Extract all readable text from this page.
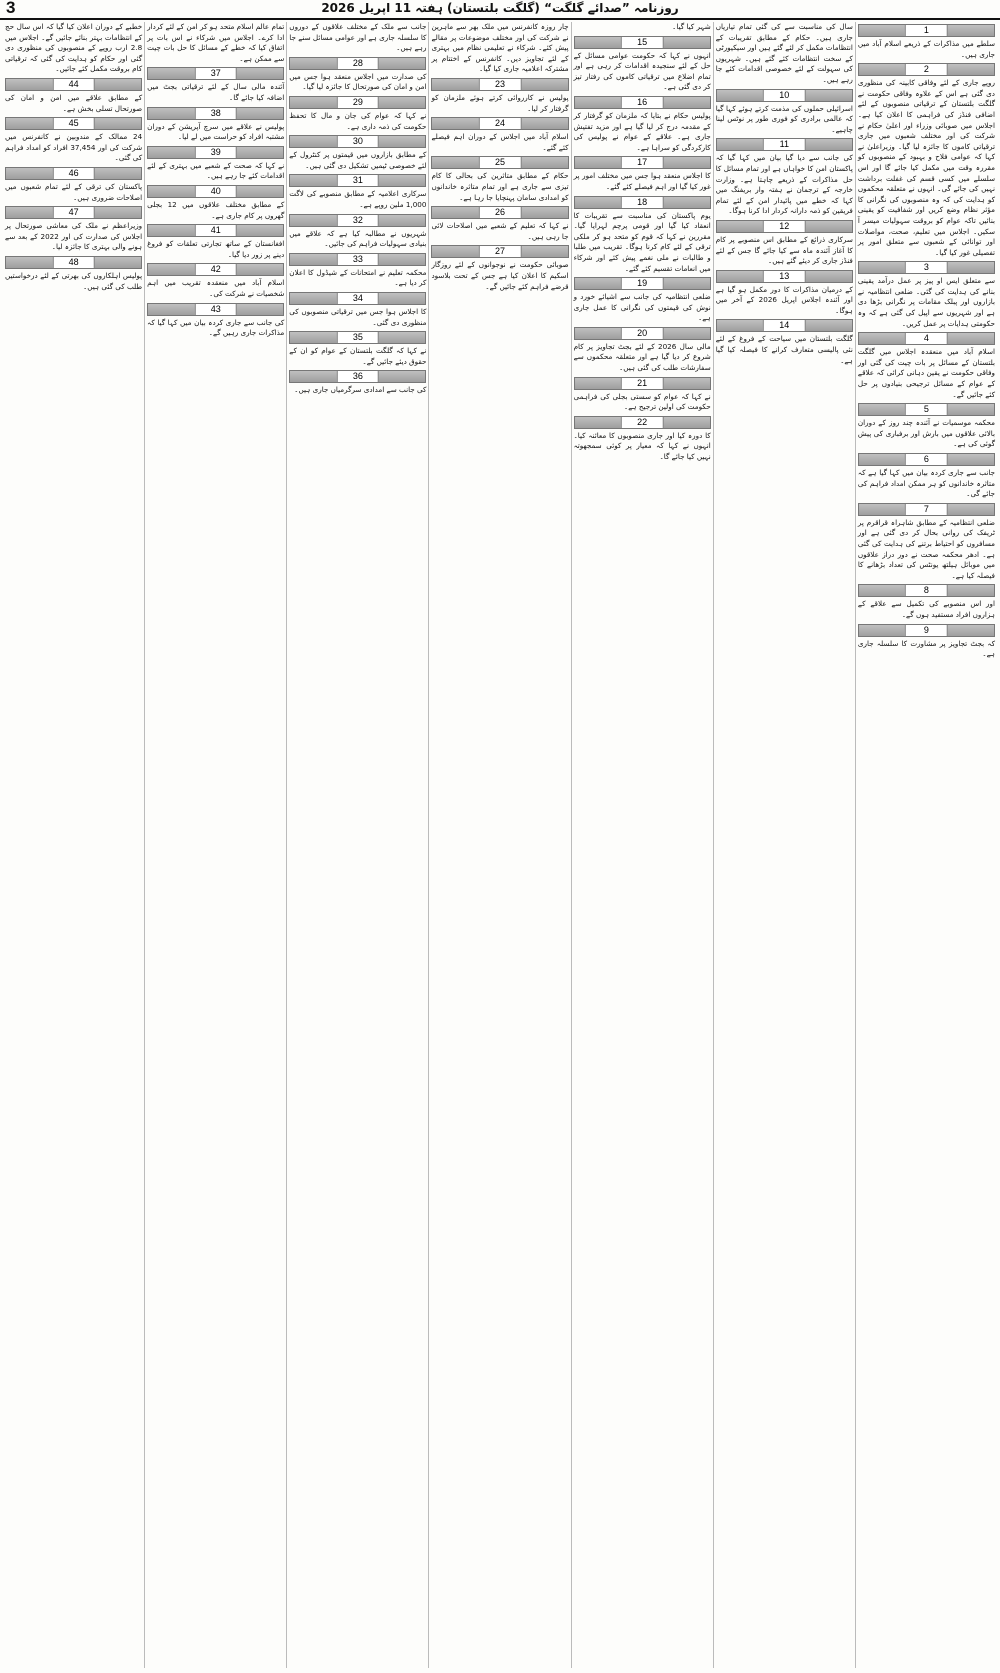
3	روزنامہ ”صدائے گلگت“ (گلگت بلتستان) ہفتہ 11 اپریل 2026
1

سلطے میں مذاکرات کے ذریعے اسلام آباد میں جاری ہیں۔

2

روپے جاری کے لئے وفاقی کابینہ کی منظوری دی گئی ہے اس کے علاوہ وفاقی حکومت نے گلگت بلتستان کے ترقیاتی منصوبوں کے لئے اضافی فنڈز کی فراہمی کا اعلان کیا ہے۔ اجلاس میں صوبائی وزراء اور اعلیٰ حکام نے شرکت کی اور مختلف شعبوں میں جاری ترقیاتی کاموں کا جائزہ لیا گیا۔ وزیراعلیٰ نے کہا کہ عوامی فلاح و بہبود کے منصوبوں کو مقررہ وقت میں مکمل کیا جائے گا اور اس سلسلے میں کسی قسم کی غفلت برداشت نہیں کی جائے گی۔ انہوں نے متعلقہ محکموں کو ہدایت کی کہ وہ منصوبوں کی نگرانی کا مؤثر نظام وضع کریں اور شفافیت کو یقینی بنائیں تاکہ عوام کو بروقت سہولیات میسر آ سکیں۔ اجلاس میں تعلیم، صحت، مواصلات اور توانائی کے شعبوں سے متعلق امور پر تفصیلی غور کیا گیا۔

3

سے متعلق ایس او پیز پر عمل درآمد یقینی بنانے کی ہدایت کی گئی۔ ضلعی انتظامیہ نے بازاروں اور پبلک مقامات پر نگرانی بڑھا دی ہے اور شہریوں سے اپیل کی گئی ہے کہ وہ حکومتی ہدایات پر عمل کریں۔

4

اسلام آباد میں منعقدہ اجلاس میں گلگت بلتستان کے مسائل پر بات چیت کی گئی اور وفاقی حکومت نے یقین دہانی کرائی کہ علاقے کے عوام کے مسائل ترجیحی بنیادوں پر حل کئے جائیں گے۔

5

محکمہ موسمیات نے آئندہ چند روز کے دوران بالائی علاقوں میں بارش اور برفباری کی پیش گوئی کی ہے۔

6

جانب سے جاری کردہ بیان میں کہا گیا ہے کہ متاثرہ خاندانوں کو ہر ممکن امداد فراہم کی جائے گی۔

7

ضلعی انتظامیہ کے مطابق شاہراہ قراقرم پر ٹریفک کی روانی بحال کر دی گئی ہے اور مسافروں کو احتیاط برتنے کی ہدایت کی گئی ہے۔ ادھر محکمہ صحت نے دور دراز علاقوں میں موبائل ہیلتھ یونٹس کی تعداد بڑھانے کا فیصلہ کیا ہے۔

8

اور اس منصوبے کی تکمیل سے علاقے کے ہزاروں افراد مستفید ہوں گے۔

9

کہ بجٹ تجاویز پر مشاورت کا سلسلہ جاری ہے۔

سال کی مناسبت سے کی گئی تمام تیاریاں جاری ہیں۔ حکام کے مطابق تقریبات کے انتظامات مکمل کر لئے گئے ہیں اور سیکیورٹی کے سخت انتظامات کئے گئے ہیں۔ شہریوں کی سہولت کے لئے خصوصی اقدامات کئے جا رہے ہیں۔

10

اسرائیلی حملوں کی مذمت کرتے ہوئے کہا گیا کہ عالمی برادری کو فوری طور پر نوٹس لینا چاہیے۔

11

کی جانب سے دیا گیا بیان میں کہا گیا کہ پاکستان امن کا خواہاں ہے اور تمام مسائل کا حل مذاکرات کے ذریعے چاہتا ہے۔ وزارت خارجہ کے ترجمان نے ہفتہ وار بریفنگ میں کہا کہ خطے میں پائیدار امن کے لئے تمام فریقین کو ذمہ دارانہ کردار ادا کرنا ہوگا۔

12

سرکاری ذرائع کے مطابق اس منصوبے پر کام کا آغاز آئندہ ماہ سے کیا جائے گا جس کے لئے فنڈز جاری کر دیئے گئے ہیں۔

13

کے درمیان مذاکرات کا دور مکمل ہو گیا ہے اور آئندہ اجلاس اپریل 2026 کے آخر میں ہوگا۔

14

گلگت بلتستان میں سیاحت کے فروغ کے لئے نئی پالیسی متعارف کرانے کا فیصلہ کیا گیا ہے۔

شہر کیا گیا۔

15

انہوں نے کہا کہ حکومت عوامی مسائل کے حل کے لئے سنجیدہ اقدامات کر رہی ہے اور تمام اضلاع میں ترقیاتی کاموں کی رفتار تیز کر دی گئی ہے۔

16

پولیس حکام نے بتایا کہ ملزمان کو گرفتار کر کے مقدمہ درج کر لیا گیا ہے اور مزید تفتیش جاری ہے۔ علاقے کے عوام نے پولیس کی کارکردگی کو سراہا ہے۔

17

کا اجلاس منعقد ہوا جس میں مختلف امور پر غور کیا گیا اور اہم فیصلے کئے گئے۔

18

یوم پاکستان کی مناسبت سے تقریبات کا انعقاد کیا گیا اور قومی پرچم لہرایا گیا۔ مقررین نے کہا کہ قوم کو متحد ہو کر ملکی ترقی کے لئے کام کرنا ہوگا۔ تقریب میں طلبا و طالبات نے ملی نغمے پیش کئے اور شرکاء میں انعامات تقسیم کئے گئے۔

19

ضلعی انتظامیہ کی جانب سے اشیائے خورد و نوش کی قیمتوں کی نگرانی کا عمل جاری ہے۔

20

مالی سال 2026 کے لئے بجٹ تجاویز پر کام شروع کر دیا گیا ہے اور متعلقہ محکموں سے سفارشات طلب کی گئی ہیں۔

21

نے کہا کہ عوام کو سستی بجلی کی فراہمی حکومت کی اولین ترجیح ہے۔

22

کا دورہ کیا اور جاری منصوبوں کا معائنہ کیا۔ انہوں نے کہا کہ معیار پر کوئی سمجھوتہ نہیں کیا جائے گا۔

چار روزہ کانفرنس میں ملک بھر سے ماہرین نے شرکت کی اور مختلف موضوعات پر مقالے پیش کئے۔ شرکاء نے تعلیمی نظام میں بہتری کے لئے تجاویز دیں۔ کانفرنس کے اختتام پر مشترکہ اعلامیہ جاری کیا گیا۔

23

پولیس نے کارروائی کرتے ہوئے ملزمان کو گرفتار کر لیا۔

24

اسلام آباد میں اجلاس کے دوران اہم فیصلے کئے گئے۔

25

حکام کے مطابق متاثرین کی بحالی کا کام تیزی سے جاری ہے اور تمام متاثرہ خاندانوں کو امدادی سامان پہنچایا جا رہا ہے۔

26

نے کہا کہ تعلیم کے شعبے میں اصلاحات لائی جا رہی ہیں۔

27

صوبائی حکومت نے نوجوانوں کے لئے روزگار اسکیم کا اعلان کیا ہے جس کے تحت بلاسود قرضے فراہم کئے جائیں گے۔

جانب سے ملک کے مختلف علاقوں کے دوروں کا سلسلہ جاری ہے اور عوامی مسائل سنے جا رہے ہیں۔

28

کی صدارت میں اجلاس منعقد ہوا جس میں امن و امان کی صورتحال کا جائزہ لیا گیا۔

29

نے کہا کہ عوام کی جان و مال کا تحفظ حکومت کی ذمہ داری ہے۔

30

کے مطابق بازاروں میں قیمتوں پر کنٹرول کے لئے خصوصی ٹیمیں تشکیل دی گئی ہیں۔

31

سرکاری اعلامیہ کے مطابق منصوبے کی لاگت 1,000 ملین روپے ہے۔

32

شہریوں نے مطالبہ کیا ہے کہ علاقے میں بنیادی سہولیات فراہم کی جائیں۔

33

محکمہ تعلیم نے امتحانات کے شیڈول کا اعلان کر دیا ہے۔

34

کا اجلاس ہوا جس میں ترقیاتی منصوبوں کی منظوری دی گئی۔

35

نے کہا کہ گلگت بلتستان کے عوام کو ان کے حقوق دیئے جائیں گے۔

36

کی جانب سے امدادی سرگرمیاں جاری ہیں۔

تمام عالم اسلام متحد ہو کر امن کے لئے کردار ادا کرے۔ اجلاس میں شرکاء نے اس بات پر اتفاق کیا کہ خطے کے مسائل کا حل بات چیت سے ممکن ہے۔

37

آئندہ مالی سال کے لئے ترقیاتی بجٹ میں اضافہ کیا جائے گا۔

38

پولیس نے علاقے میں سرچ آپریشن کے دوران مشتبہ افراد کو حراست میں لے لیا۔

39

نے کہا کہ صحت کے شعبے میں بہتری کے لئے اقدامات کئے جا رہے ہیں۔

40

کے مطابق مختلف علاقوں میں 12 بجلی گھروں پر کام جاری ہے۔

41

افغانستان کے ساتھ تجارتی تعلقات کو فروغ دینے پر زور دیا گیا۔

42

اسلام آباد میں منعقدہ تقریب میں اہم شخصیات نے شرکت کی۔

43

کی جانب سے جاری کردہ بیان میں کہا گیا کہ مذاکرات جاری رہیں گے۔

خطبے کے دوران اعلان کیا گیا کہ اس سال حج کے انتظامات بہتر بنائے جائیں گے۔ اجلاس میں 2.8 ارب روپے کے منصوبوں کی منظوری دی گئی اور حکام کو ہدایت کی گئی کہ ترقیاتی کام بروقت مکمل کئے جائیں۔

44

کے مطابق علاقے میں امن و امان کی صورتحال تسلی بخش ہے۔

45

24 ممالک کے مندوبین نے کانفرنس میں شرکت کی اور 37,454 افراد کو امداد فراہم کی گئی۔

46

پاکستان کی ترقی کے لئے تمام شعبوں میں اصلاحات ضروری ہیں۔

47

وزیراعظم نے ملک کی معاشی صورتحال پر اجلاس کی صدارت کی اور 2022 کے بعد سے ہونے والی بہتری کا جائزہ لیا۔

48

پولیس اہلکاروں کی بھرتی کے لئے درخواستیں طلب کی گئی ہیں۔
